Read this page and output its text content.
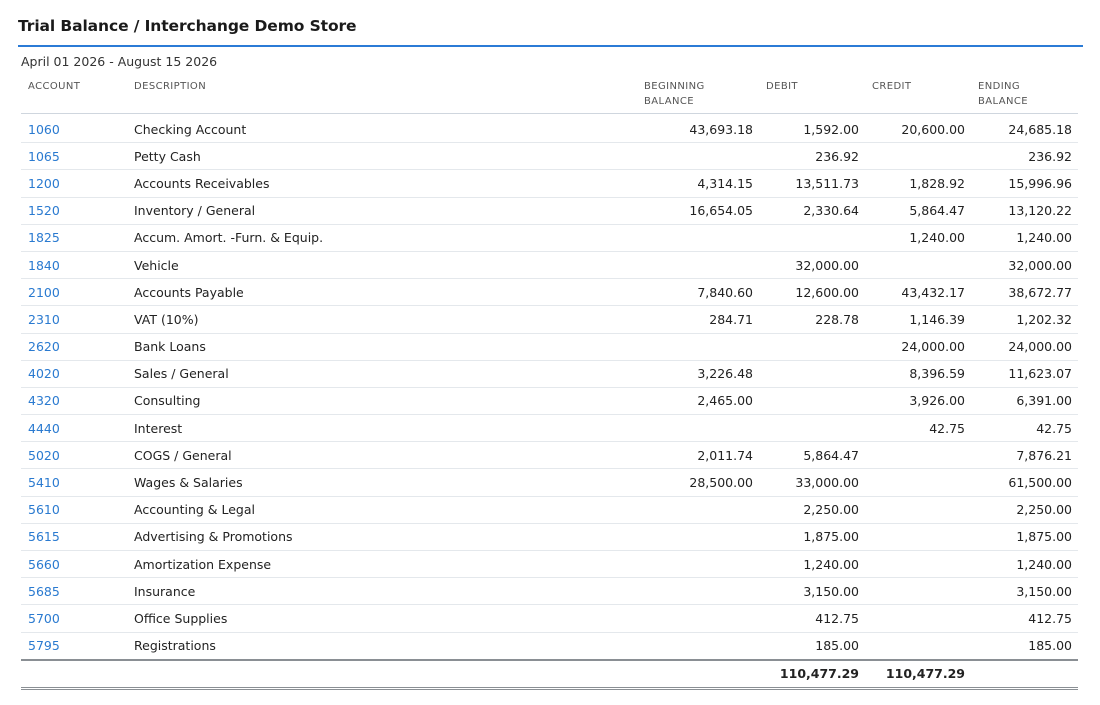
Trial Balance / Interchange Demo Store
April 01 2026 - August 15 2026
ACCOUNT	DESCRIPTION	BEGINNING BALANCE	DEBIT	CREDIT	ENDING BALANCE
1060	Checking Account	43,693.18	1,592.00	20,600.00	24,685.18
1065	Petty Cash		236.92		236.92
1200	Accounts Receivables	4,314.15	13,511.73	1,828.92	15,996.96
1520	Inventory / General	16,654.05	2,330.64	5,864.47	13,120.22
1825	Accum. Amort. -Furn. & Equip.			1,240.00	1,240.00
1840	Vehicle		32,000.00		32,000.00
2100	Accounts Payable	7,840.60	12,600.00	43,432.17	38,672.77
2310	VAT (10%)	284.71	228.78	1,146.39	1,202.32
2620	Bank Loans			24,000.00	24,000.00
4020	Sales / General	3,226.48		8,396.59	11,623.07
4320	Consulting	2,465.00		3,926.00	6,391.00
4440	Interest			42.75	42.75
5020	COGS / General	2,011.74	5,864.47		7,876.21
5410	Wages & Salaries	28,500.00	33,000.00		61,500.00
5610	Accounting & Legal		2,250.00		2,250.00
5615	Advertising & Promotions		1,875.00		1,875.00
5660	Amortization Expense		1,240.00		1,240.00
5685	Insurance		3,150.00		3,150.00
5700	Office Supplies		412.75		412.75
5795	Registrations		185.00		185.00
			110,477.29	110,477.29	
